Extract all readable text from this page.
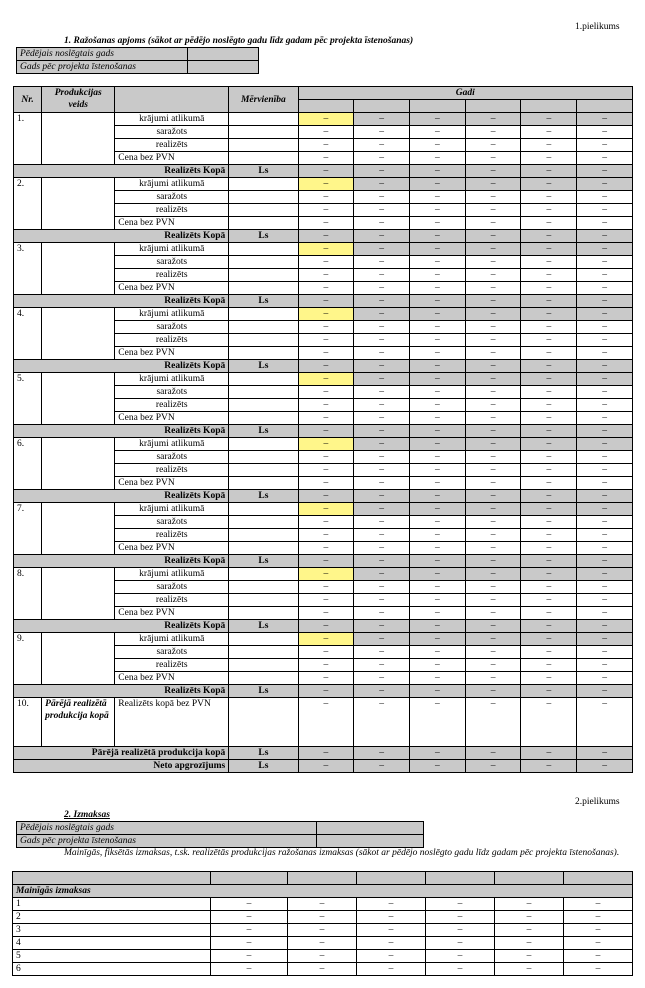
1.pielikums
1. Ražošanas apjoms (sākot ar pēdējo noslēgto gadu līdz gadam pēc projekta īstenošanas)
Pēdējais noslēgtais gads	
Gads pēc projekta īstenošanas	
Nr.	Produkcijas veids		Mērvienība	Gadi					

1.		krājumi atlikumā		–	–	–	–	–	–
		saražots		–	–	–	–	–	–
		realizēts		–	–	–	–	–	–
		Cena bez PVN		–	–	–	–	–	–
Realizēts Kopā			Ls	–	–	–	–	–	–
2.		krājumi atlikumā		–	–	–	–	–	–
		saražots		–	–	–	–	–	–
		realizēts		–	–	–	–	–	–
		Cena bez PVN		–	–	–	–	–	–
Realizēts Kopā			Ls	–	–	–	–	–	–
3.		krājumi atlikumā		–	–	–	–	–	–
		saražots		–	–	–	–	–	–
		realizēts		–	–	–	–	–	–
		Cena bez PVN		–	–	–	–	–	–
Realizēts Kopā			Ls	–	–	–	–	–	–
4.		krājumi atlikumā		–	–	–	–	–	–
		saražots		–	–	–	–	–	–
		realizēts		–	–	–	–	–	–
		Cena bez PVN		–	–	–	–	–	–
Realizēts Kopā			Ls	–	–	–	–	–	–
5.		krājumi atlikumā		–	–	–	–	–	–
		saražots		–	–	–	–	–	–
		realizēts		–	–	–	–	–	–
		Cena bez PVN		–	–	–	–	–	–
Realizēts Kopā			Ls	–	–	–	–	–	–
6.		krājumi atlikumā		–	–	–	–	–	–
		saražots		–	–	–	–	–	–
		realizēts		–	–	–	–	–	–
		Cena bez PVN		–	–	–	–	–	–
Realizēts Kopā			Ls	–	–	–	–	–	–
7.		krājumi atlikumā		–	–	–	–	–	–
		saražots		–	–	–	–	–	–
		realizēts		–	–	–	–	–	–
		Cena bez PVN		–	–	–	–	–	–
Realizēts Kopā			Ls	–	–	–	–	–	–
8.		krājumi atlikumā		–	–	–	–	–	–
		saražots		–	–	–	–	–	–
		realizēts		–	–	–	–	–	–
		Cena bez PVN		–	–	–	–	–	–
Realizēts Kopā			Ls	–	–	–	–	–	–
9.		krājumi atlikumā		–	–	–	–	–	–
		saražots		–	–	–	–	–	–
		realizēts		–	–	–	–	–	–
		Cena bez PVN		–	–	–	–	–	–
Realizēts Kopā			Ls	–	–	–	–	–	–
10.	Pārējā realizētā produkcija kopā	Realizēts kopā bez PVN		–	–	–	–	–	–
Pārējā realizētā produkcija kopā			Ls	–	–	–	–	–	–
Neto apgrozījums			Ls	–	–	–	–	–	–
2.pielikums
2. Izmaksas
Pēdējais noslēgtais gads	
Gads pēc projekta īstenošanas	
Mainīgās, fiksētās izmaksas, t.sk. realizētās produkcijas ražošanas izmaksas (sākot ar pēdējo noslēgto gadu līdz gadam pēc projekta īstenošanas).

Mainīgās izmaksas							
1		–	–	–	–	–	–
2		–	–	–	–	–	–
3		–	–	–	–	–	–
4		–	–	–	–	–	–
5		–	–	–	–	–	–
6		–	–	–	–	–	–
